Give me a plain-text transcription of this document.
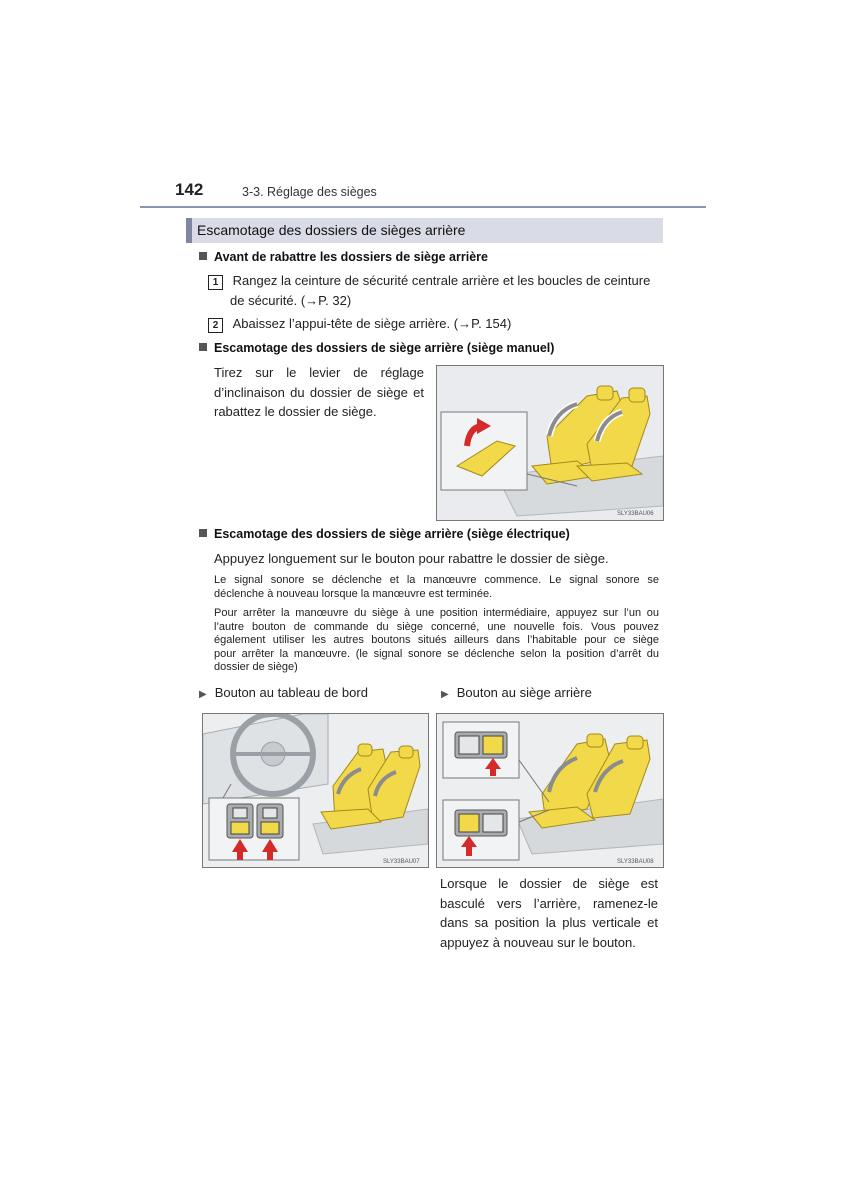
142	3-3. Réglage des sièges
Escamotage des dossiers de sièges arrière
Avant de rabattre les dossiers de siège arrière
1 Rangez la ceinture de sécurité centrale arrière et les boucles de ceinture
de sécurité. (→P. 32)
2 Abaissez l’appui-tête de siège arrière. (→P. 154)
Escamotage des dossiers de siège arrière (siège manuel)
Tirez sur le levier de réglage
d’inclinaison du dossier de siège et
rabattez le dossier de siège.
SLY33BAU06
Escamotage des dossiers de siège arrière (siège électrique)
Appuyez longuement sur le bouton pour rabattre le dossier de siège.
Le signal sonore se déclenche et la manœuvre commence. Le signal sonore se
déclenche à nouveau lorsque la manœuvre est terminée.
Pour arrêter la manœuvre du siège à une position intermédiaire, appuyez sur l’un ou
l’autre bouton de commande du siège concerné, une nouvelle fois. Vous pouvez
également utiliser les autres boutons situés ailleurs dans l’habitable pour ce siège
pour arrêter la manœuvre. (le signal sonore se déclenche selon la position d’arrêt du
dossier de siège)
▶ Bouton au tableau de bord	▶ Bouton au siège arrière
SLY33BAU07	SLY33BAU08
Lorsque le dossier de siège est
basculé vers l’arrière, ramenez-le
dans sa position la plus verticale et
appuyez à nouveau sur le bouton.
